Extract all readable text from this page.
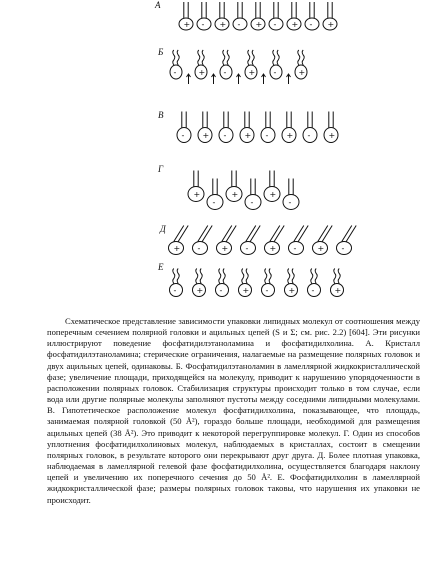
А
+ - + - + - + - +
Б
-	+ -	+ -	+
В
- + - + - + - +
Г
+
-
+
-
+
-
Д
+ -	+ -	+ -	+ -
Е
-	+ -	+ -	+ -	+

Схематическое представление зависимости упаковки липидных молекул от соотношения между поперечным сечением полярной головки и ацильных цепей (S и Σ; см. рис. 2.2) [604]. Эти рисунки иллюстрируют поведение фосфатидилэтаноламина и фосфатидилхолина. А. Кристалл фосфатидилэтаноламина; стерические ограничения, налагаемые на размещение полярных головок и двух ацильных цепей, одинаковы. Б. Фосфатидилэтаноламин в ламеллярной жидкокристаллической фазе; увеличение площади, приходящейся на молекулу, приводит к нарушению упорядоченности в расположении полярных головок. Стабилизация структуры происходит только в том случае, если вода или другие полярные молекулы заполняют пустоты между соседними липидными молекулами. В. Гипотетическое расположение молекул фосфатидилхолина, показывающее, что площадь, занимаемая полярной головкой (50 Å²), гораздо больше площади, необходимой для размещения ацильных цепей (38 Å²). Это приводит к некоторой перегруппировке молекул. Г. Один из способов уплотнения фосфатидилхолиновых молекул, наблюдаемых в кристаллах, состоит в смещении полярных головок, в результате которого они перекрывают друг друга. Д. Более плотная упаковка, наблюдаемая в ламеллярной гелевой фазе фосфатидилхолина, осуществляется благодаря наклону цепей и увеличению их поперечного сечения до 50 Å². Е. Фосфатидилхолин в ламеллярной жидкокристаллической фазе; размеры полярных головок таковы, что нарушения их упаковки не происходит.
